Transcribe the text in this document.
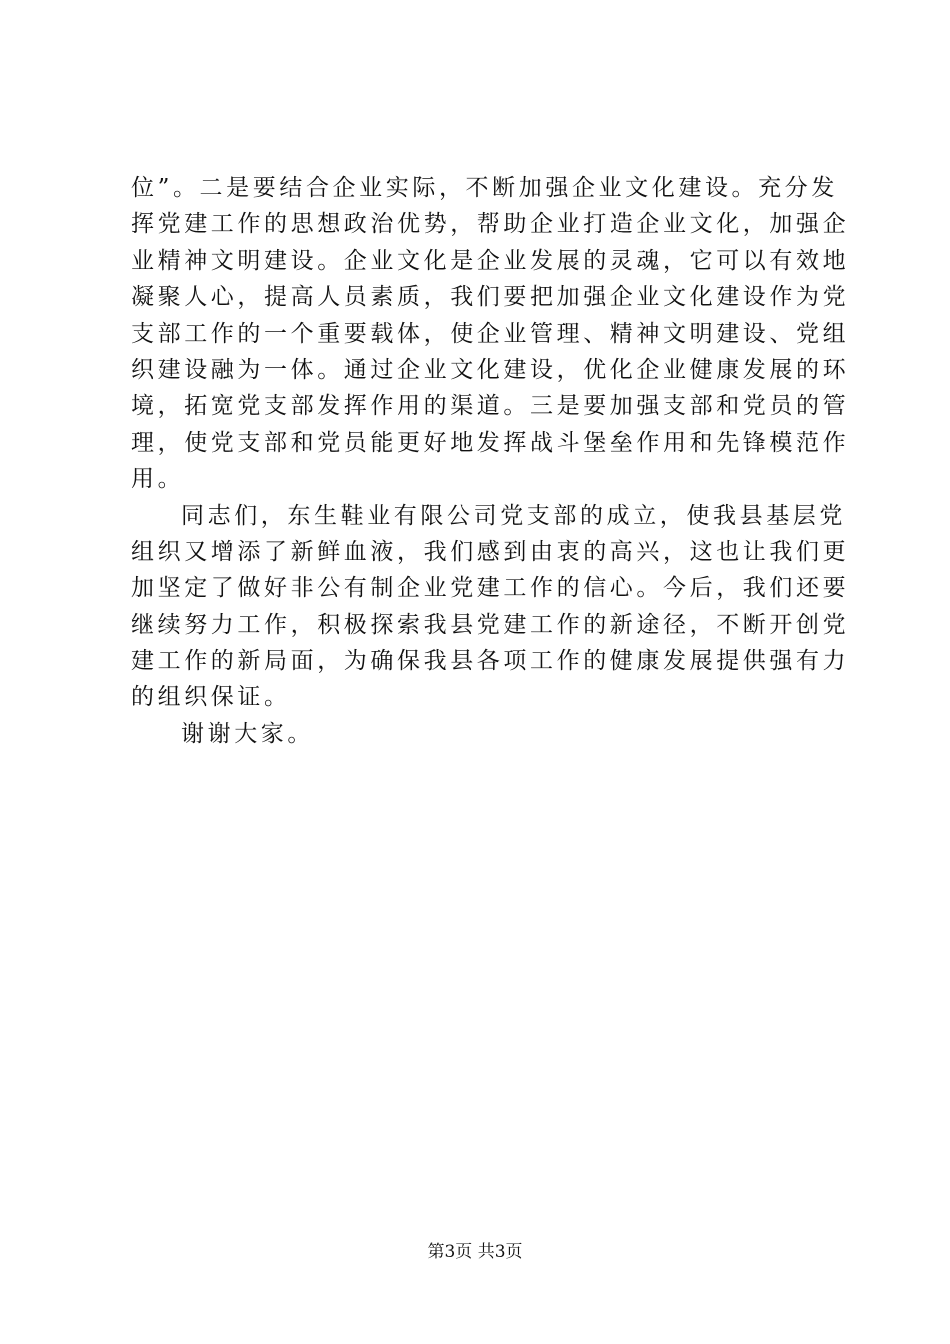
位”。二是要结合企业实际，不断加强企业文化建设。充分发
挥党建工作的思想政治优势，帮助企业打造企业文化，加强企
业精神文明建设。企业文化是企业发展的灵魂，它可以有效地
凝聚人心，提高人员素质，我们要把加强企业文化建设作为党
支部工作的一个重要载体，使企业管理、精神文明建设、党组
织建设融为一体。通过企业文化建设，优化企业健康发展的环
境，拓宽党支部发挥作用的渠道。三是要加强支部和党员的管
理，使党支部和党员能更好地发挥战斗堡垒作用和先锋模范作
用。
同志们，东生鞋业有限公司党支部的成立，使我县基层党
组织又增添了新鲜血液，我们感到由衷的高兴，这也让我们更
加坚定了做好非公有制企业党建工作的信心。今后，我们还要
继续努力工作，积极探索我县党建工作的新途径，不断开创党
建工作的新局面，为确保我县各项工作的健康发展提供强有力
的组织保证。
谢谢大家。
第3页 共3页
